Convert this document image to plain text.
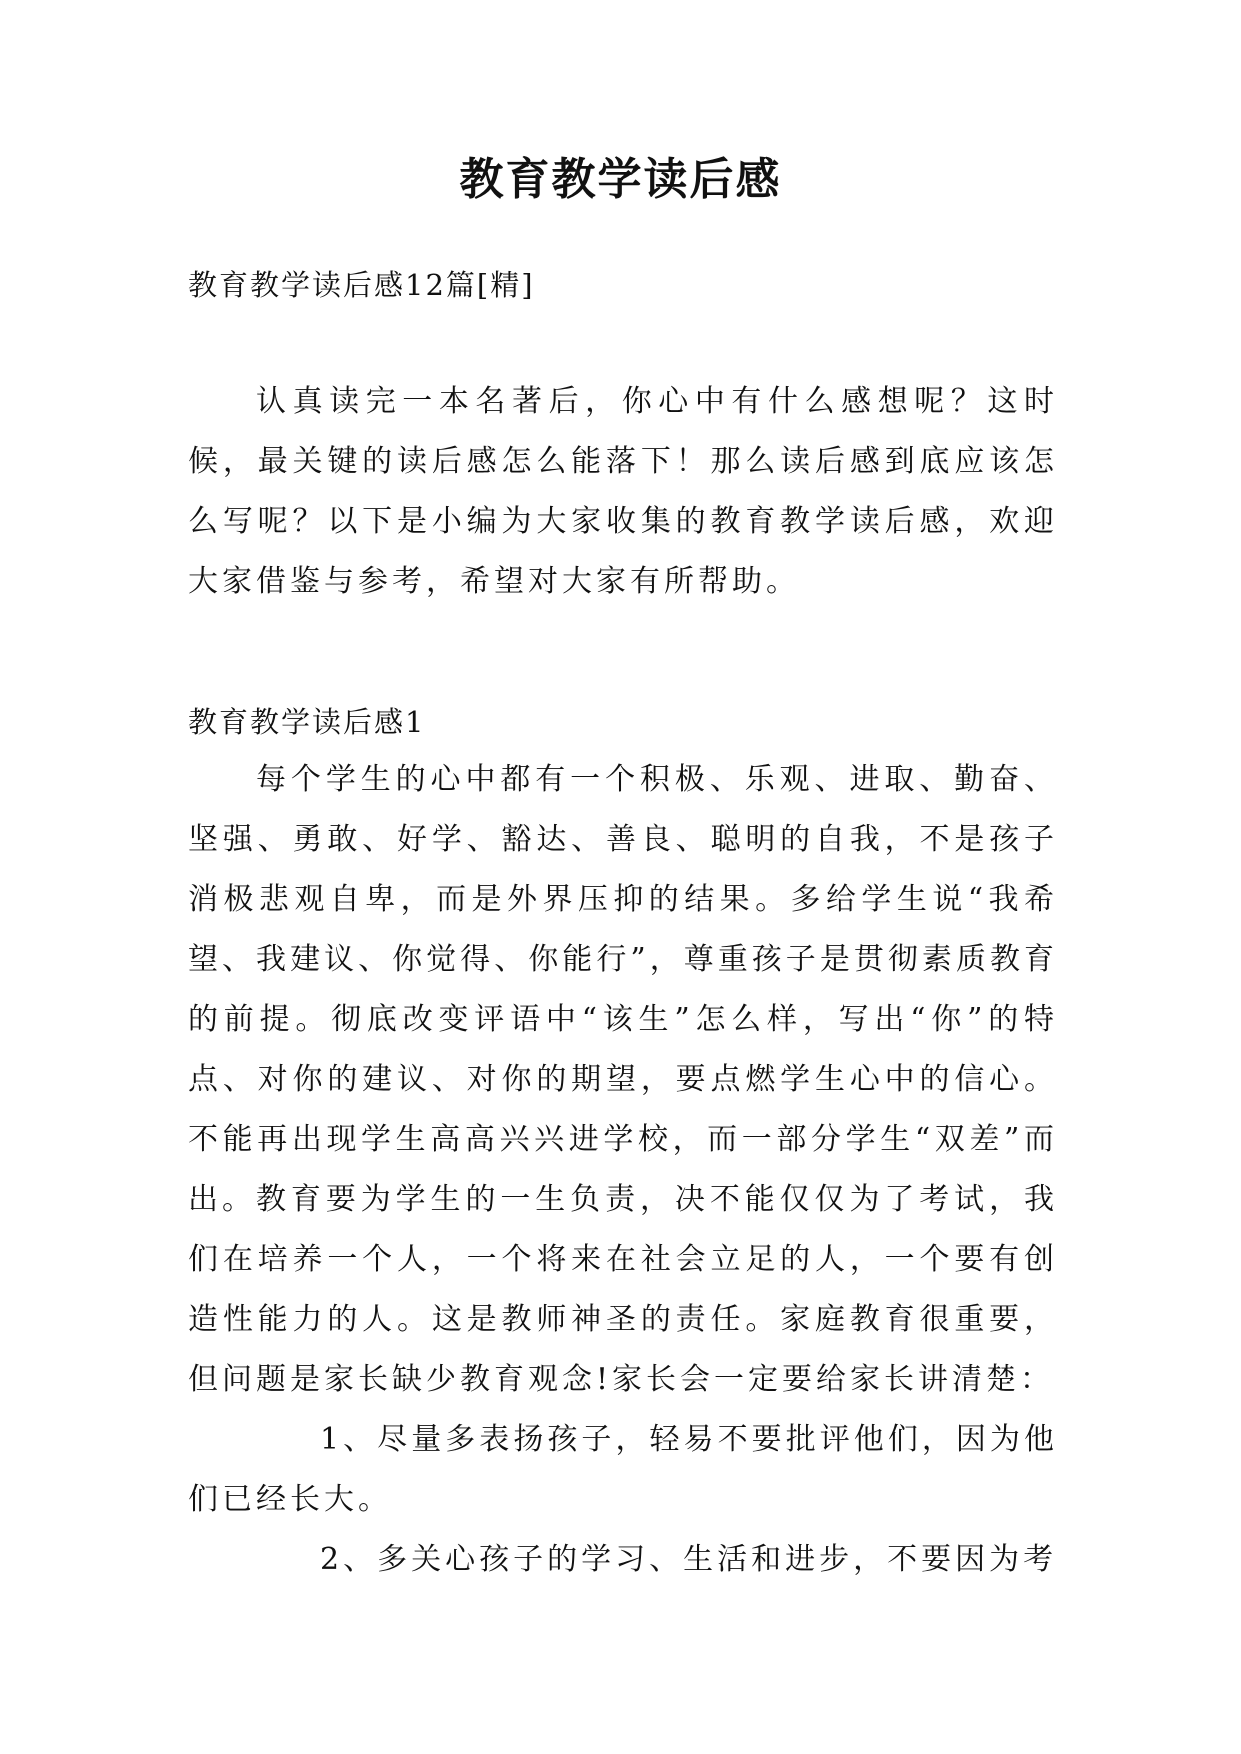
教育教学读后感
教育教学读后感12篇[精]

认真读完一本名著后，你心中有什么感想呢？这时候，最关键的读后感怎么能落下！那么读后感到底应该怎么写呢？以下是小编为大家收集的教育教学读后感，欢迎大家借鉴与参考，希望对大家有所帮助。

教育教学读后感1

每个学生的心中都有一个积极、乐观、进取、勤奋、坚强、勇敢、好学、豁达、善良、聪明的自我，不是孩子消极悲观自卑，而是外界压抑的结果。多给学生说“我希望、我建议、你觉得、你能行”，尊重孩子是贯彻素质教育的前提。彻底改变评语中“该生”怎么样，写出“你”的特点、对你的建议、对你的期望，要点燃学生心中的信心。不能再出现学生高高兴兴进学校，而一部分学生“双差”而出。 教育要为学生的一生负责，决不能仅仅为了考试，我们在培养一个人，一个将来在社会立足的人，一个要有创造性能力的人。这是教师神圣的责任。家庭教育很重要，但问题是家长缺少教育观念!家长会一定要给家长讲清楚：

1、尽量多表扬孩子，轻易不要批评他们，因为他们已经长大。

2、多关心孩子的学习、生活和进步，不要因为考
